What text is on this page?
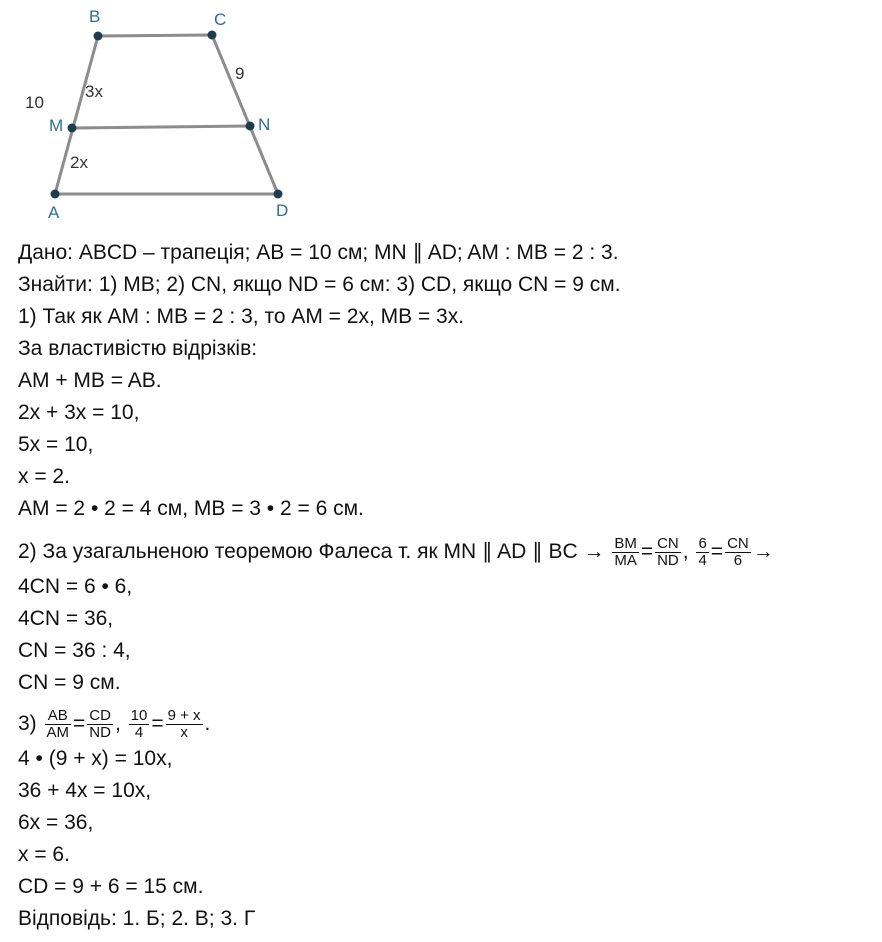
B	C
M	N
A	D
10
3x
2x
9
Дано: ABCD – трапеція; AB = 10 см; MN ∥ AD; AM : MB = 2 : 3.
Знайти: 1) MB; 2) CN, якщо ND = 6 см: 3) CD, якщо CN = 9 см.
1) Так як AM : MB = 2 : 3, то AM = 2x, MB = 3x.
За властивістю відрізків:
AM + MB = AB.
2x + 3x = 10,
5x = 10,
x = 2.
AM = 2 • 2 = 4 см, MB = 3 • 2 = 6 см.
2) За узагальненою теоремою Фалеса т. як MN ∥ AD ∥ BC → $\frac{BM}{MA} = \frac{CN}{ND}$ , $\frac{6}{4} = \frac{CN}{6}$ →
4CN = 6 • 6,
4CN = 36,
CN = 36 : 4,
CN = 9 см.
$3) \frac{AB}{AM} = \frac{CD}{ND}$ , $\frac{10}{4} = \frac{9 + x}{x}$ .
4 • (9 + x) = 10x,
36 + 4x = 10x,
6x = 36,
x = 6.
CD = 9 + 6 = 15 см.
Відповідь: 1. Б; 2. В; 3. Г
